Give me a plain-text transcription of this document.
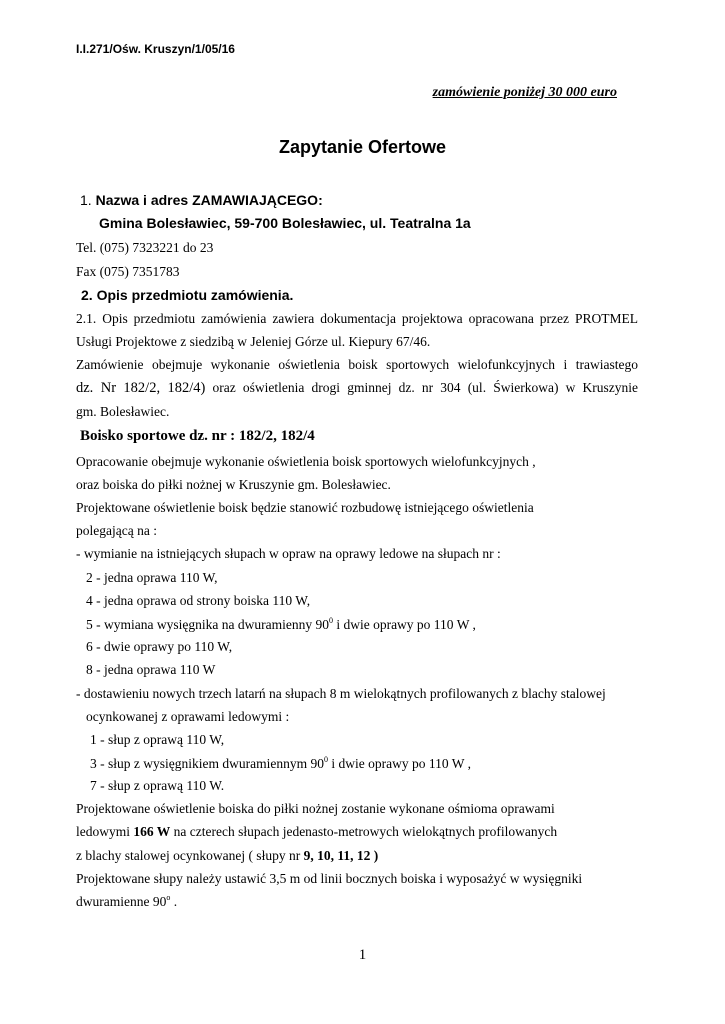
I.I.271/Ośw. Kruszyn/1/05/16
zamówienie poniżej 30 000 euro
Zapytanie Ofertowe
1. Nazwa i adres ZAMAWIAJĄCEGO:
Gmina Bolesławiec, 59-700 Bolesławiec, ul. Teatralna 1a
Tel. (075) 7323221 do 23
Fax (075) 7351783
2. Opis przedmiotu zamówienia.
2.1. Opis przedmiotu zamówienia zawiera dokumentacja projektowa opracowana przez PROTMEL
Usługi Projektowe z siedzibą w Jeleniej Górze ul. Kiepury 67/46.
Zamówienie obejmuje wykonanie oświetlenia boisk sportowych wielofunkcyjnych i trawiastego
dz. Nr 182/2, 182/4) oraz oświetlenia drogi gminnej dz. nr 304 (ul. Świerkowa) w Kruszynie
gm. Bolesławiec.
Boisko sportowe dz. nr : 182/2, 182/4
Opracowanie obejmuje wykonanie oświetlenia boisk sportowych wielofunkcyjnych ,
oraz boiska do piłki nożnej w Kruszynie gm. Bolesławiec.
Projektowane oświetlenie boisk będzie stanowić rozbudowę istniejącego oświetlenia
polegającą na :
- wymianie na istniejących słupach w opraw na oprawy ledowe na słupach nr :
2 - jedna oprawa 110 W,
4 - jedna oprawa od strony boiska 110 W,
5 - wymiana wysięgnika na dwuramienny $90^0$ i dwie oprawy po 110 W ,
6 - dwie oprawy po 110 W,
8 - jedna oprawa 110 W
- dostawieniu nowych trzech latarń na słupach 8 m wielokątnych profilowanych z blachy stalowej
ocynkowanej z oprawami ledowymi :
1 - słup z oprawą 110 W,
3 - słup z wysięgnikiem dwuramiennym $90^0$ i dwie oprawy po 110 W ,
7 - słup z oprawą 110 W.
Projektowane oświetlenie boiska do piłki nożnej zostanie wykonane ośmioma oprawami
ledowymi 166 W na czterech słupach jedenasto-metrowych wielokątnych profilowanych
z blachy stalowej ocynkowanej ( słupy nr 9, 10, 11, 12 )
Projektowane słupy należy ustawić 3,5 m od linii bocznych boiska i wyposażyć w wysięgniki
dwuramienne 90$^o$ .
1
